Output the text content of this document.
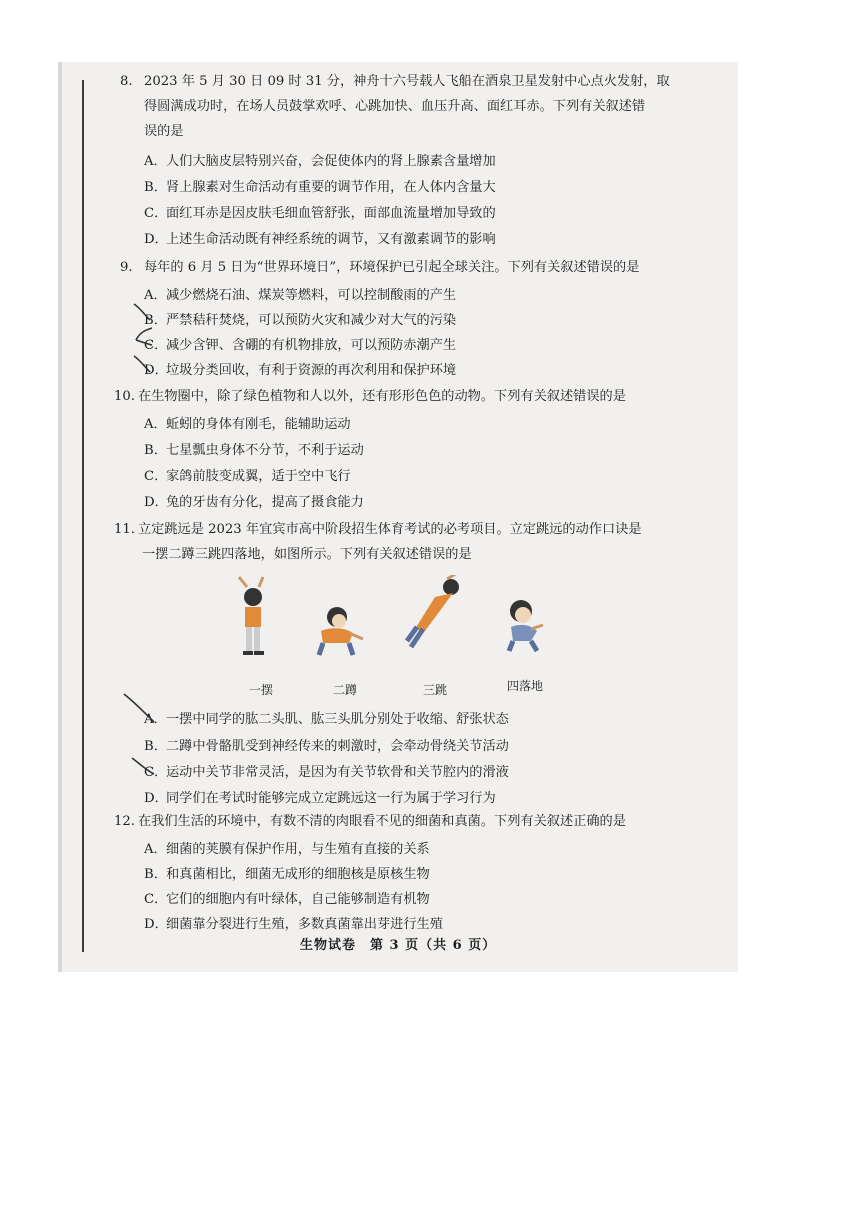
8. 2023 年 5 月 30 日 09 时 31 分，神舟十六号载人飞船在酒泉卫星发射中心点火发射，取
得圆满成功时，在场人员鼓掌欢呼、心跳加快、血压升高、面红耳赤。下列有关叙述错
误的是
A．人们大脑皮层特别兴奋，会促使体内的肾上腺素含量增加
B．肾上腺素对生命活动有重要的调节作用，在人体内含量大
C．面红耳赤是因皮肤毛细血管舒张，面部血流量增加导致的
D．上述生命活动既有神经系统的调节，又有激素调节的影响
9. 每年的 6 月 5 日为“世界环境日”，环境保护已引起全球关注。下列有关叙述错误的是
A．减少燃烧石油、煤炭等燃料，可以控制酸雨的产生
B．严禁秸秆焚烧，可以预防火灾和减少对大气的污染
C．减少含钾、含硼的有机物排放，可以预防赤潮产生
D．垃圾分类回收，有利于资源的再次利用和保护环境
10. 在生物圈中，除了绿色植物和人以外，还有形形色色的动物。下列有关叙述错误的是
A．蚯蚓的身体有刚毛，能辅助运动
B．七星瓢虫身体不分节，不利于运动
C．家鸽前肢变成翼，适于空中飞行
D．兔的牙齿有分化，提高了摄食能力
11. 立定跳远是 2023 年宜宾市高中阶段招生体育考试的必考项目。立定跳远的动作口诀是
一摆二蹲三跳四落地，如图所示。下列有关叙述错误的是
一摆	二蹲	三跳	四落地
A．一摆中同学的肱二头肌、肱三头肌分别处于收缩、舒张状态
B．二蹲中骨骼肌受到神经传来的刺激时，会牵动骨绕关节活动
C．运动中关节非常灵活，是因为有关节软骨和关节腔内的滑液
D．同学们在考试时能够完成立定跳远这一行为属于学习行为
12. 在我们生活的环境中，有数不清的肉眼看不见的细菌和真菌。下列有关叙述正确的是
A．细菌的荚膜有保护作用，与生殖有直接的关系
B．和真菌相比，细菌无成形的细胞核是原核生物
C．它们的细胞内有叶绿体，自己能够制造有机物
D．细菌靠分裂进行生殖，多数真菌靠出芽进行生殖
生物试卷　第 3 页（共 6 页）
